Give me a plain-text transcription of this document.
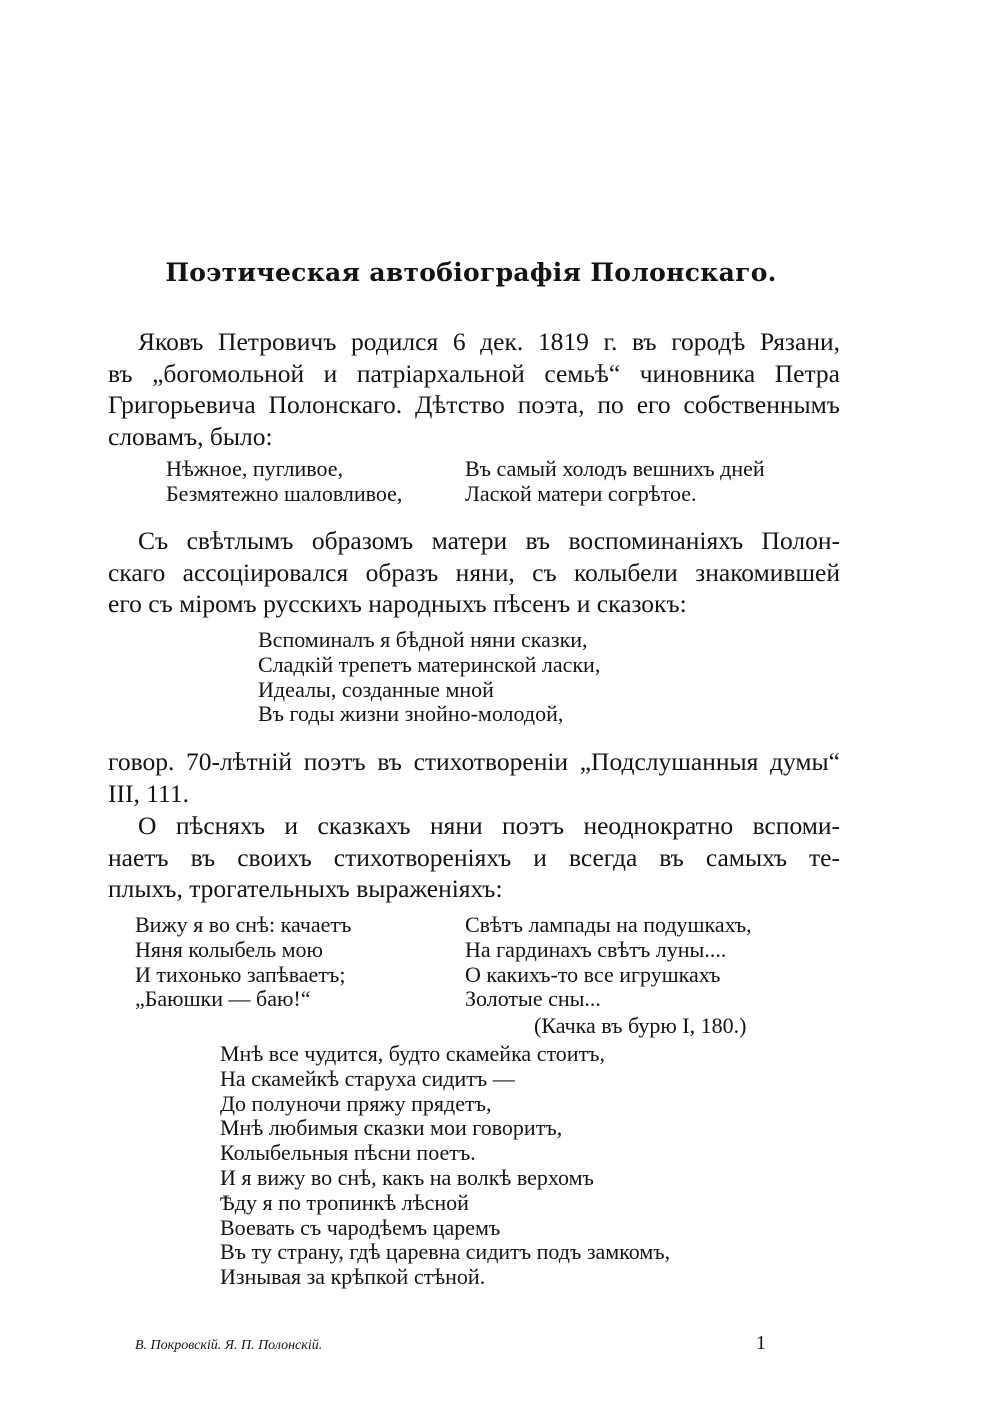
Поэтическая автобіографія Полонскаго.
Яковъ Петровичъ родился 6 дек. 1819 г. въ городѣ Рязани,
въ „богомольной и патріархальной семьѣ“ чиновника Петра
Григорьевича Полонскаго. Дѣтство поэта, по его собственнымъ
словамъ, было:
Нѣжное, пугливое,
Безмятежно шаловливое,
Въ самый холодъ вешнихъ дней
Лаской матери согрѣтое.
Съ свѣтлымъ образомъ матери въ воспоминаніяхъ Полон-
скаго ассоціировался образъ няни, съ колыбели знакомившей
его съ міромъ русскихъ народныхъ пѣсенъ и сказокъ:
Вспоминалъ я бѣдной няни сказки,
Сладкій трепетъ материнской ласки,
Идеалы, созданные мной
Въ годы жизни знойно-молодой,
говор. 70-лѣтній поэтъ въ стихотвореніи „Подслушанныя думы“
III, 111.
О пѣсняхъ и сказкахъ няни поэтъ неоднократно вспоми-
наетъ въ своихъ стихотвореніяхъ и всегда въ самыхъ те-
плыхъ, трогательныхъ выраженіяхъ:
Вижу я во снѣ: качаетъ
Няня колыбель мою
И тихонько запѣваетъ;
„Баюшки — баю!“
Свѣтъ лампады на подушкахъ,
На гардинахъ свѣтъ луны....
О какихъ-то все игрушкахъ
Золотые сны...
(Качка въ бурю I, 180.)
Мнѣ все чудится, будто скамейка стоитъ,
На скамейкѣ старуха сидитъ —
До полуночи пряжу прядетъ,
Мнѣ любимыя сказки мои говоритъ,
Колыбельныя пѣсни поетъ.
И я вижу во снѣ, какъ на волкѣ верхомъ
Ѣду я по тропинкѣ лѣсной
Воевать съ чародѣемъ царемъ
Въ ту страну, гдѣ царевна сидитъ подъ замкомъ,
Изнывая за крѣпкой стѣной.
В. Покровскій. Я. П. Полонскій.	1
